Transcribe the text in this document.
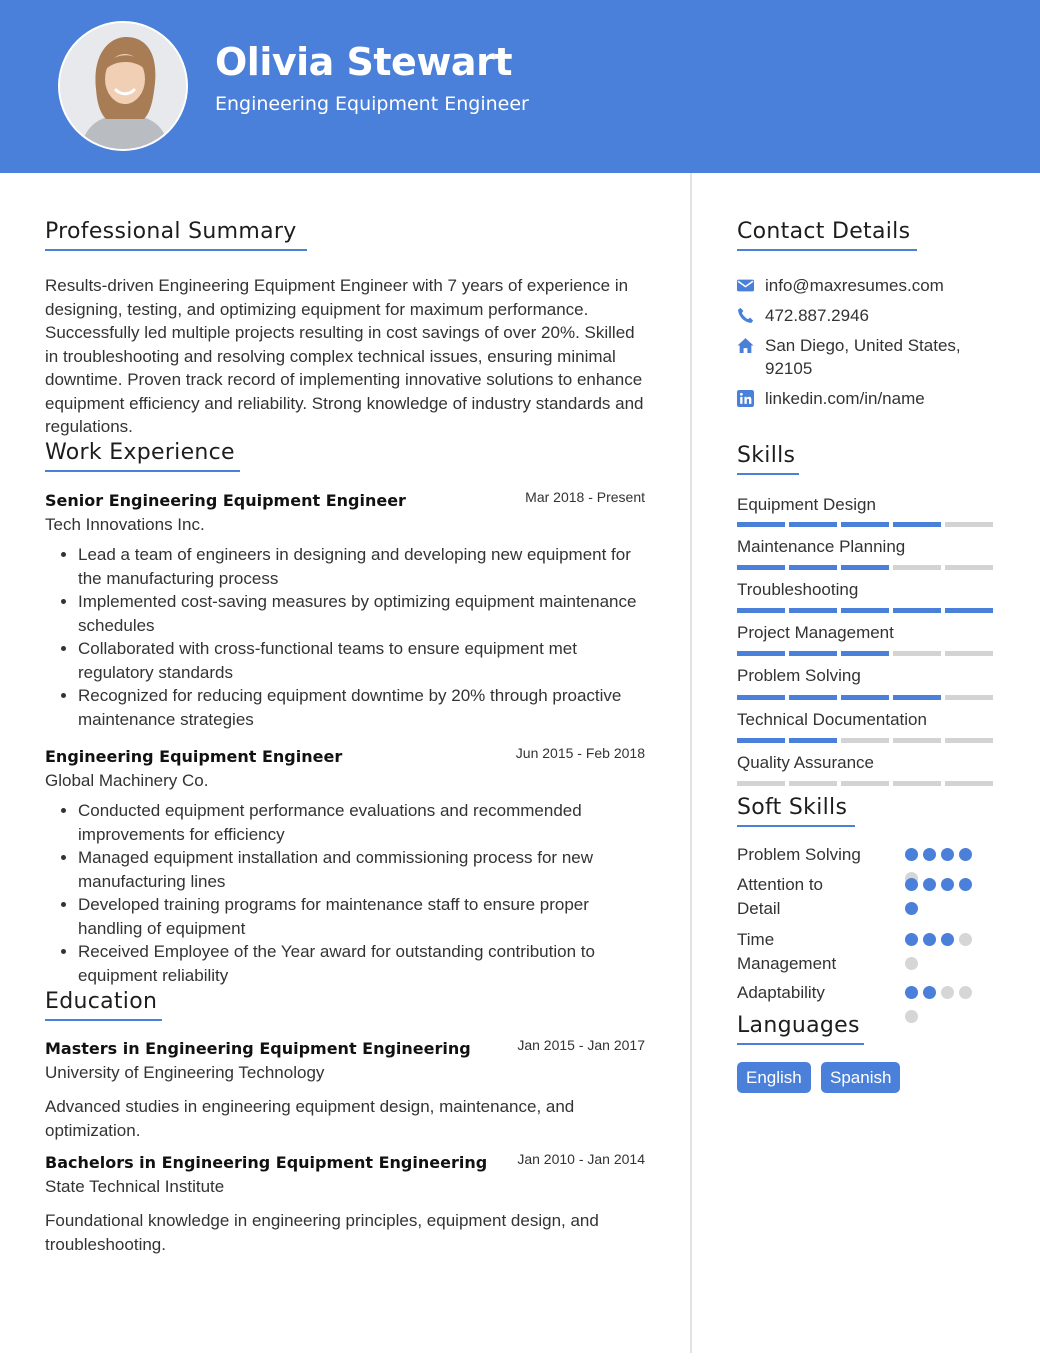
Olivia Stewart
Engineering Equipment Engineer
Professional Summary

Results-driven Engineering Equipment Engineer with 7 years of experience in designing, testing, and optimizing equipment for maximum performance. Successfully led multiple projects resulting in cost savings of over 20%. Skilled in troubleshooting and resolving complex technical issues, ensuring minimal downtime. Proven track record of implementing innovative solutions to enhance equipment efficiency and reliability. Strong knowledge of industry standards and regulations.

Work Experience
Senior Engineering Equipment Engineer	Mar 2018 - Present
Tech Innovations Inc.
• Lead a team of engineers in designing and developing new equipment for the manufacturing process
• Implemented cost-saving measures by optimizing equipment maintenance schedules
• Collaborated with cross-functional teams to ensure equipment met regulatory standards
• Recognized for reducing equipment downtime by 20% through proactive maintenance strategies
Engineering Equipment Engineer	Jun 2015 - Feb 2018
Global Machinery Co.
• Conducted equipment performance evaluations and recommended improvements for efficiency
• Managed equipment installation and commissioning process for new manufacturing lines
• Developed training programs for maintenance staff to ensure proper handling of equipment
• Received Employee of the Year award for outstanding contribution to equipment reliability
Education
Masters in Engineering Equipment Engineering	Jan 2015 - Jan 2017
University of Engineering Technology

Advanced studies in engineering equipment design, maintenance, and optimization.

Bachelors in Engineering Equipment Engineering Jan 2010 - Jan 2014
State Technical Institute

Foundational knowledge in engineering principles, equipment design, and troubleshooting.

Contact Details
info@maxresumes.com
472.887.2946
San Diego, United States, 92105
linkedin.com/in/name
Skills
Equipment Design
Maintenance Planning
Troubleshooting
Project Management
Problem Solving
Technical Documentation
Quality Assurance
Soft Skills
Problem Solving
Attention to Detail
Time Management
Adaptability
Languages
English	Spanish
